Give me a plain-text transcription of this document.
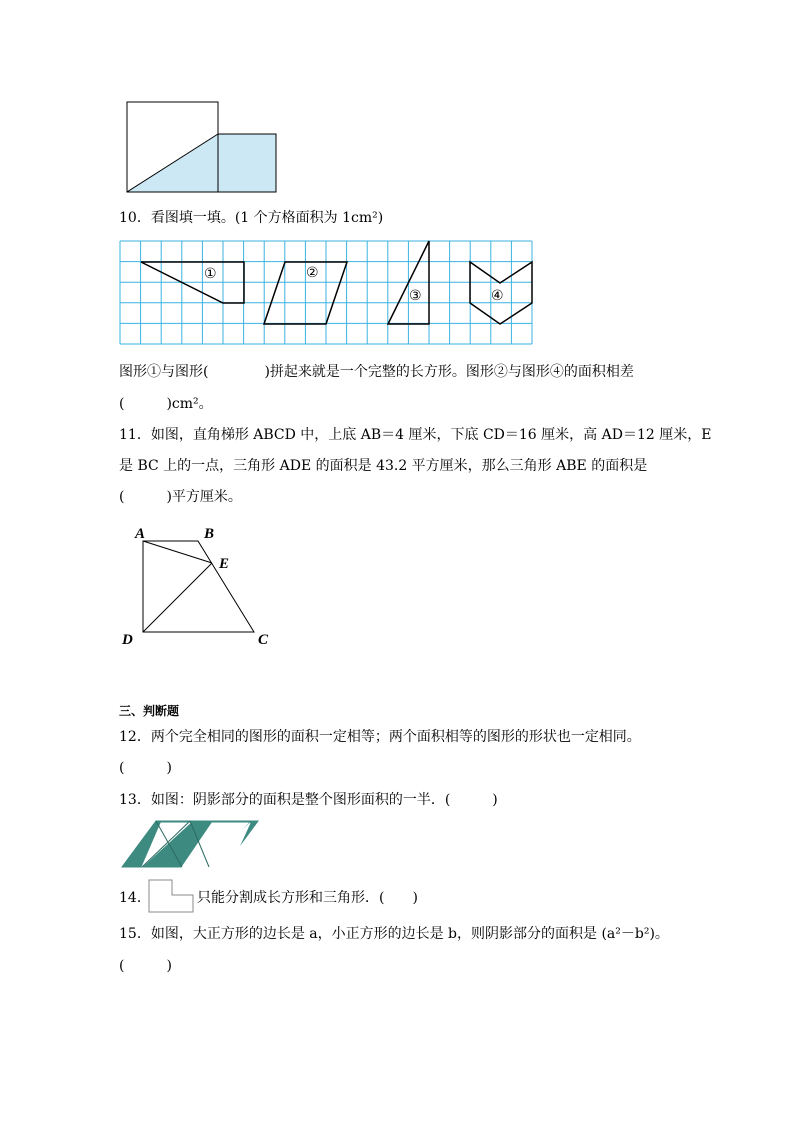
10．看图填一填。(1 个方格面积为 1cm²)
①	②
③	④
图形①与图形(　　　　)拼起来就是一个完整的长方形。图形②与图形④的面积相差
(　　　)cm²。
11．如图，直角梯形 ABCD 中，上底 AB＝4 厘米，下底 CD＝16 厘米，高 AD＝12 厘米，E
是 BC 上的一点，三角形 ADE 的面积是 43.2 平方厘米，那么三角形 ABE 的面积是
(　　　)平方厘米。
A	B
E
D	C
三、判断题
12．两个完全相同的图形的面积一定相等；两个面积相等的图形的形状也一定相同。
(　　　)
13．如图：阴影部分的面积是整个图形面积的一半．(　　　)
14．	只能分割成长方形和三角形．(　　)
15．如图，大正方形的边长是 a，小正方形的边长是 b，则阴影部分的面积是 (a²－b²)。
(　　　)
